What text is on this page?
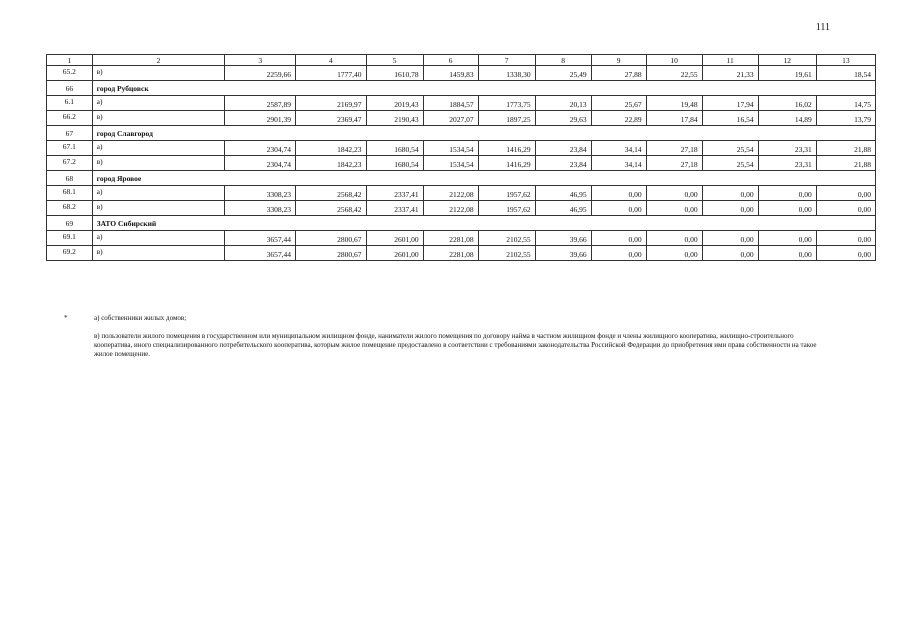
111
1	2	3	4	5	6	7	8	9	10	11	12	13
65.2	в)	2259,66	1777,40	1610,78	1459,83	1338,30	25,49	27,88	22,55	21,33	19,61	18,54
66	город Рубцовск											
6.1	а)	2587,89	2169,97	2019,43	1884,57	1773,75	20,13	25,67	19,48	17,94	16,02	14,75
66.2	в)	2901,39	2369,47	2190,43	2027,07	1897,25	29,63	22,89	17,84	16,54	14,89	13,79
67	город Славгород											
67.1	а)	2304,74	1842,23	1680,54	1534,54	1416,29	23,84	34,14	27,18	25,54	23,31	21,88
67.2	в)	2304,74	1842,23	1680,54	1534,54	1416,29	23,84	34,14	27,18	25,54	23,31	21,88
68	город Яровое											
68.1	а)	3308,23	2568,42	2337,41	2122,08	1957,62	46,95	0,00	0,00	0,00	0,00	0,00
68.2	в)	3308,23	2568,42	2337,41	2122,08	1957,62	46,95	0,00	0,00	0,00	0,00	0,00
69	ЗАТО Сибирский											
69.1	а)	3657,44	2800,67	2601,00	2281,08	2102,55	39,66	0,00	0,00	0,00	0,00	0,00
69.2	в)	3657,44	2800,67	2601,00	2281,08	2102,55	39,66	0,00	0,00	0,00	0,00	0,00
*	а) собственники жилых домов;
в) пользователи жилого помещения в государственном или муниципальном жилищном фонде, наниматели жилого помещения по договору найма в частном жилищном фонде и члены жилищного кооператива, жилищно-строительного кооператива, иного специализированного потребительского кооператива, которым жилое помещение предоставлено в соответствии с требованиями законодательства Российской Федерации до приобретения ими права собственности на такое жилое помещение.
